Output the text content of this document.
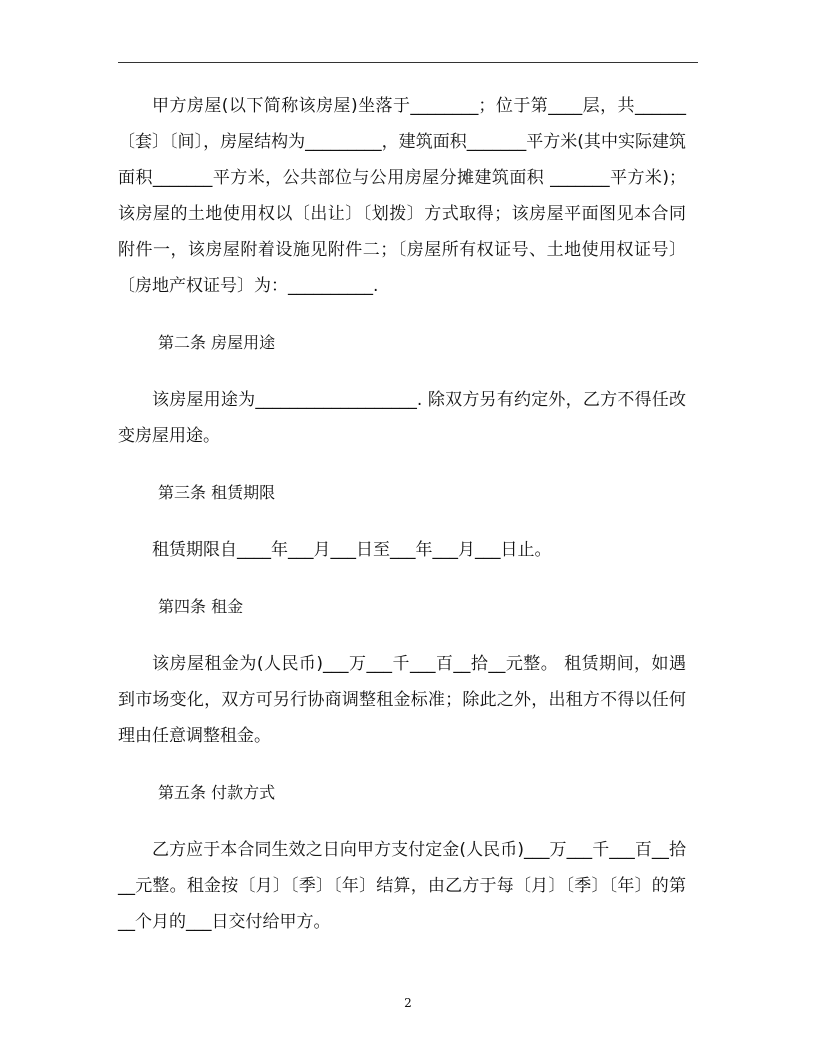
甲方房屋(以下简称该房屋)坐落于________；位于第____层，共______〔套〕〔间〕，房屋结构为_________，建筑面积_______平方米(其中实际建筑面积_______平方米，公共部位与公用房屋分摊建筑面积 _______平方米)；该房屋的土地使用权以〔出让〕〔划拨〕方式取得；该房屋平面图见本合同附件一，该房屋附着设施见附件二；〔房屋所有权证号、土地使用权证号〕〔房地产权证号〕为：__________.

第二条 房屋用途

该房屋用途为___________________. 除双方另有约定外，乙方不得任改变房屋用途。

第三条 租赁期限

租赁期限自____年___月___日至___年___月___日止。

第四条 租金

该房屋租金为(人民币)___万___千___百__拾__元整。 租赁期间，如遇到市场变化，双方可另行协商调整租金标准；除此之外，出租方不得以任何理由任意调整租金。

第五条 付款方式

乙方应于本合同生效之日向甲方支付定金(人民币)___万___千___百__拾 __元整。租金按〔月〕〔季〕〔年〕结算，由乙方于每〔月〕〔季〕〔年〕的第__个月的___日交付给甲方。

2
